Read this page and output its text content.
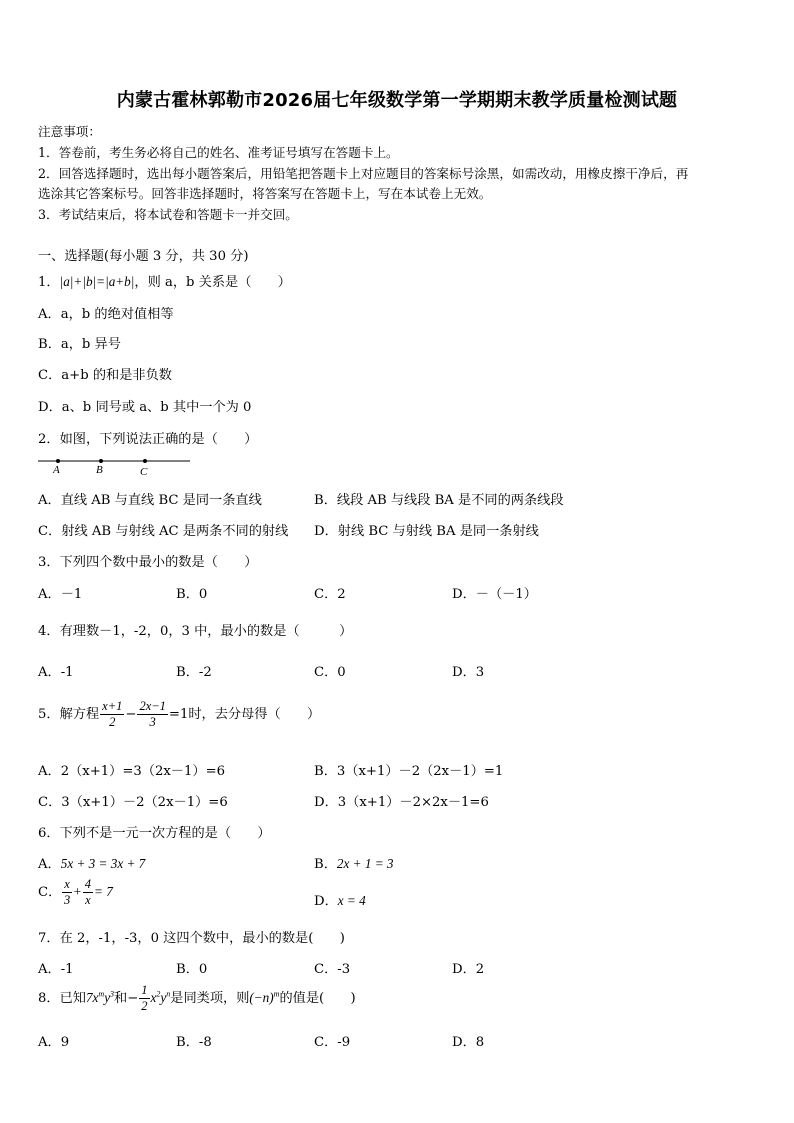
内蒙古霍林郭勒市2026届七年级数学第一学期期末教学质量检测试题
注意事项：
1．答卷前，考生务必将自己的姓名、准考证号填写在答题卡上。
2．回答选择题时，选出每小题答案后，用铅笔把答题卡上对应题目的答案标号涂黑，如需改动，用橡皮擦干净后，再
选涂其它答案标号。回答非选择题时，将答案写在答题卡上，写在本试卷上无效。
3．考试结束后，将本试卷和答题卡一并交回。
一、选择题(每小题 3 分，共 30 分)
1．|a|+|b|=|a+b|，则 a，b 关系是（　　）
A．a，b 的绝对值相等
B．a，b 异号
C．a+b 的和是非负数
D．a、b 同号或 a、b 其中一个为 0
2．如图，下列说法正确的是（　　）
A	B	C
A．直线 AB 与直线 BC 是同一条直线	B．线段 AB 与线段 BA 是不同的两条线段
C．射线 AB 与射线 AC 是两条不同的射线 D．射线 BC 与射线 BA 是同一条射线
3．下列四个数中最小的数是（　　）
A．－1	B．0	C．2	D．－（－1）
4．有理数－1，-2，0，3 中，最小的数是（　　　）
A．-1	B．-2	C．0	D．3
5．解方程 $\frac{x+1}{2} - \frac{2x-1}{3} =1$时，去分母得（　　）
A．2（x+1）=3（2x－1）=6	B．3（x+1）－2（2x－1）=1
C．3（x+1）－2（2x－1）=6	D．3（x+1）－2×2x－1=6
6．下列不是一元一次方程的是（　　）
A．5x + 3 = 3x + 7	B．2x + 1 = 3
C． $\frac{x}{3} + \frac{4}{x} = 7$
D．x = 4
7．在 2，-1，-3，0 这四个数中，最小的数是(　　)
A．-1	B．0	C．-3	D．2
8．已知$7x^my^3$和− $\frac{1}{2} x^2y^n$是同类项，则$(-n)^m$的值是(　　)
A．9	B．-8	C．-9	D．8
